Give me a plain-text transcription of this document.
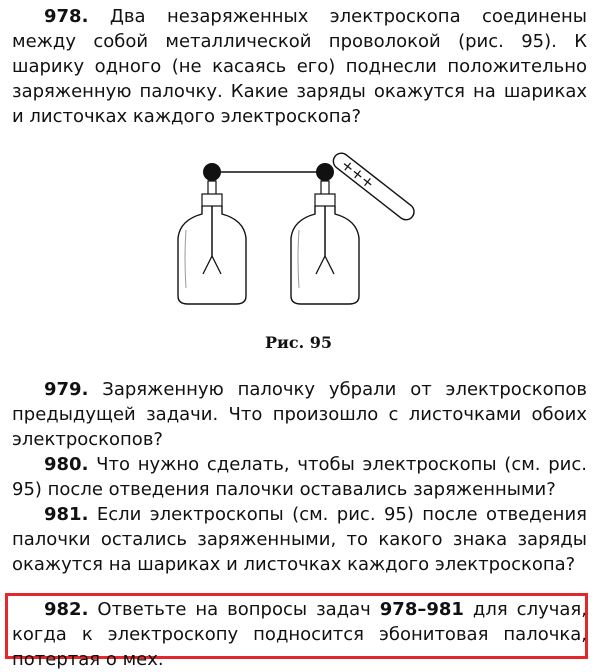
978. Два незаряженных электроскопа соединены между собой металлической проволокой (рис. 95). К шарику одного (не касаясь его) поднесли положительно заряженную палочку. Какие заряды окажутся на шариках и листочках каждого электроскопа?

+++
Рис. 95

979. Заряженную палочку убрали от электроскопов предыдущей задачи. Что произошло с листочками обоих электроскопов?

980. Что нужно сделать, чтобы электроскопы (см. рис. 95) после отведения палочки оставались заряженными?

981. Если электроскопы (см. рис. 95) после отведения палочки остались заряженными, то какого знака заряды окажутся на шариках и листочках каждого электроскопа?

982. Ответьте на вопросы задач 978–981 для случая, когда к электроскопу подносится эбонитовая палочка, потертая о мех.
